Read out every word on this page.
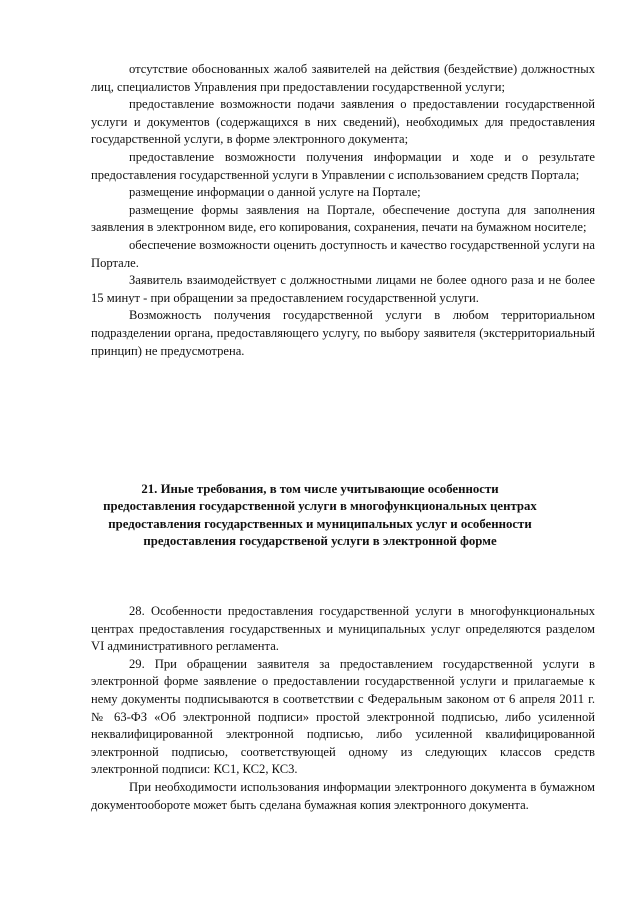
отсутствие обоснованных жалоб заявителей на действия (бездействие) должностных лиц, специалистов Управления при предоставлении государственной услуги;

предоставление возможности подачи заявления о предоставлении государственной услуги и документов (содержащихся в них сведений), необходимых для предоставления государственной услуги, в форме электронного документа;

предоставление возможности получения информации и ходе и о результате предоставления государственной услуги в Управлении с использованием средств Портала;

размещение информации о данной услуге на Портале;

размещение формы заявления на Портале, обеспечение доступа для заполнения заявления в электронном виде, его копирования, сохранения, печати на бумажном носителе;

обеспечение возможности оценить доступность и качество государственной услуги на Портале.

Заявитель взаимодействует с должностными лицами не более одного раза и не более 15 минут - при обращении за предоставлением государственной услуги.

Возможность получения государственной услуги в любом территориальном подразделении органа, предоставляющего услугу, по выбору заявителя (экстерриториальный принцип) не предусмотрена.

21. Иные требования, в том числе учитывающие особенности предоставления государственной услуги в многофункциональных центрах предоставления государственных и муниципальных услуг и особенности предоставления государственой услуги в электронной форме

28. Особенности предоставления государственной услуги в многофункциональных центрах предоставления государственных и муниципальных услуг определяются разделом VI административного регламента.

29. При обращении заявителя за предоставлением государственной услуги в электронной форме заявление о предоставлении государственной услуги и прилагаемые к нему документы подписываются в соответствии с Федеральным законом от 6 апреля 2011 г. № 63-ФЗ «Об электронной подписи» простой электронной подписью, либо усиленной неквалифицированной электронной подписью, либо усиленной квалифицированной электронной подписью, соответствующей одному из следующих классов средств электронной подписи: КС1, КС2, КС3.

При необходимости использования информации электронного документа в бумажном документообороте может быть сделана бумажная копия электронного документа.
